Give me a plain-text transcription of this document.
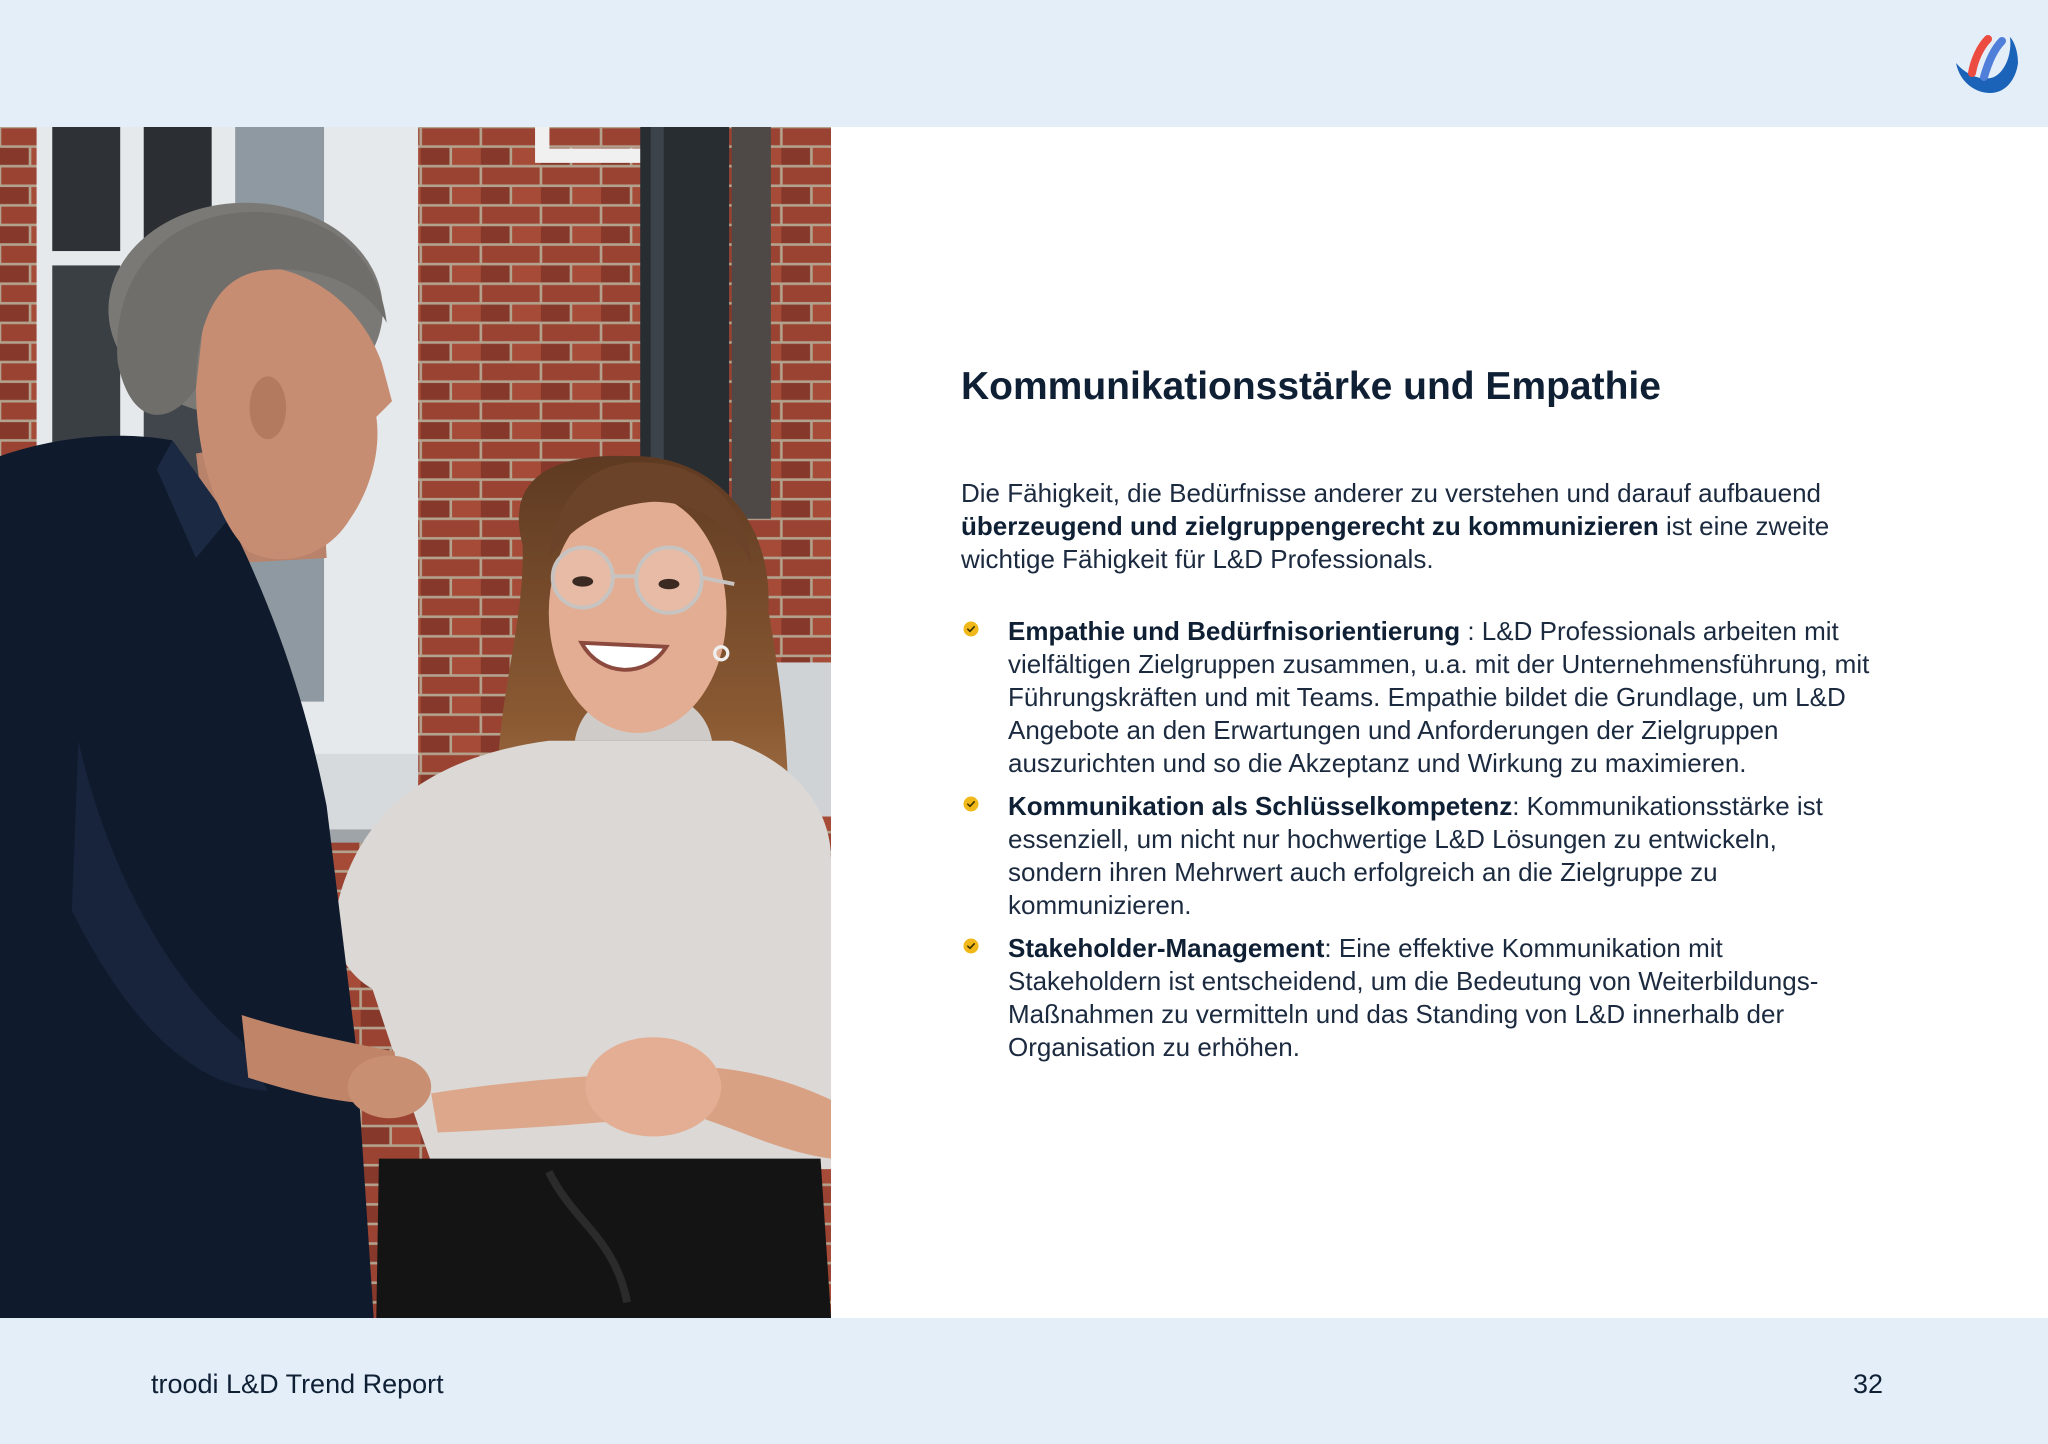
Kommunikationsstärke und Empathie

Die Fähigkeit, die Bedürfnisse anderer zu verstehen und darauf aufbauend überzeugend und zielgruppengerecht zu kommunizieren ist eine zweite wichtige Fähigkeit für L&D Professionals.

Empathie und Bedürfnisorientierung : L&D Professionals arbeiten mit vielfältigen Zielgruppen zusammen, u.a. mit der Unternehmensführung, mit Führungskräften und mit Teams. Empathie bildet die Grundlage, um L&D Angebote an den Erwartungen und Anforderungen der Zielgruppen auszurichten und so die Akzeptanz und Wirkung zu maximieren.
Kommunikation als Schlüsselkompetenz: Kommunikationsstärke ist essenziell, um nicht nur hochwertige L&D Lösungen zu entwickeln, sondern ihren Mehrwert auch erfolgreich an die Zielgruppe zu kommunizieren.
Stakeholder-Management: Eine effektive Kommunikation mit Stakeholdern ist entscheidend, um die Bedeutung von Weiterbildungs-Maßnahmen zu vermitteln und das Standing von L&D innerhalb der Organisation zu erhöhen.
troodi L&D Trend Report	32
